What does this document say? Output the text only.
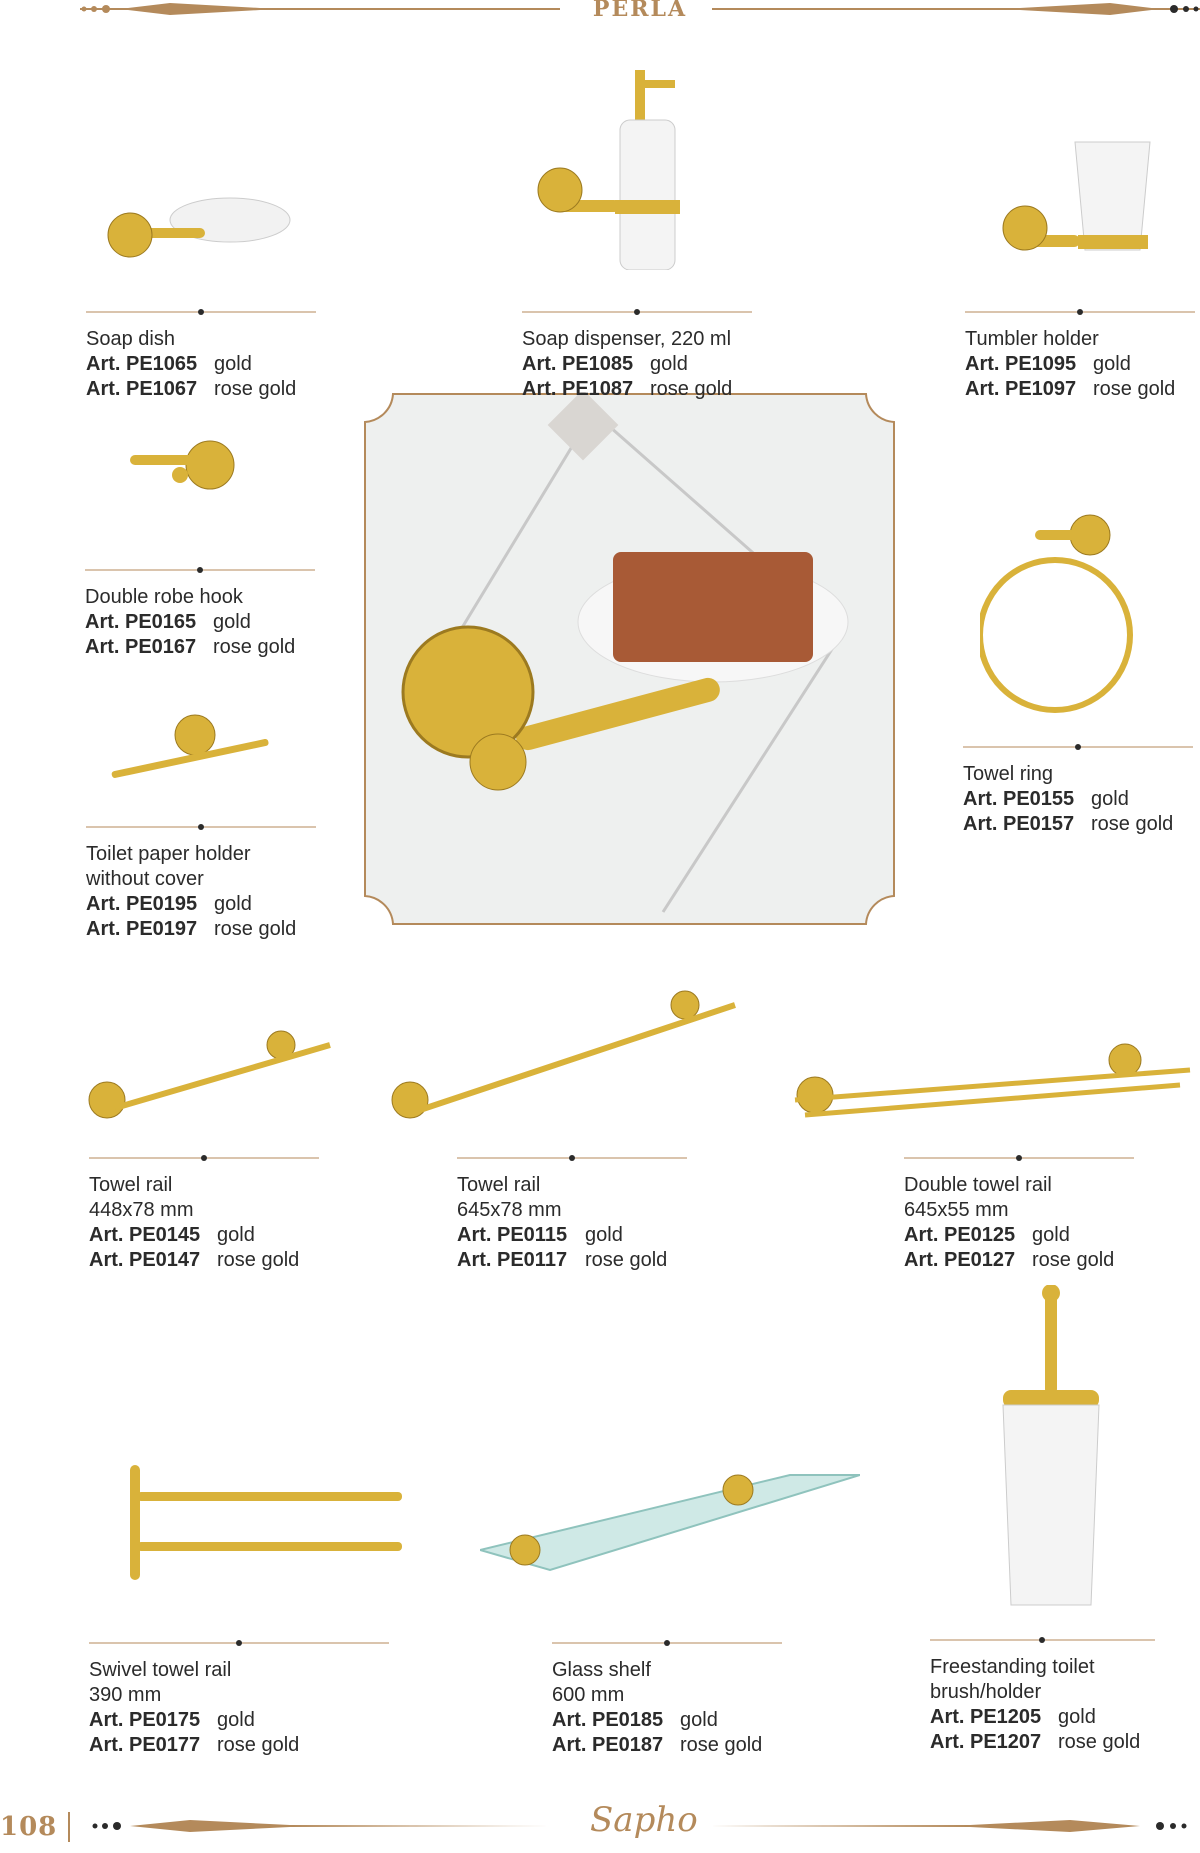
PERLA
Soap dispenser, 220 ml
Art. PE1085 gold
Art. PE1087 rose gold
Soap dish
Art. PE1065 gold
Art. PE1067 rose gold
Tumbler holder
Art. PE1095 gold
Art. PE1097 rose gold
Double robe hook
Art. PE0165 gold
Art. PE0167 rose gold
Toilet paper holder
without cover
Art. PE0195 gold
Art. PE0197 rose gold
Towel ring
Art. PE0155 gold
Art. PE0157 rose gold
Towel rail
448x78 mm
Art. PE0145 gold
Art. PE0147 rose gold
Towel rail
645x78 mm
Art. PE0115 gold
Art. PE0117 rose gold
Double towel rail
645x55 mm
Art. PE0125 gold
Art. PE0127 rose gold
Swivel towel rail
390 mm
Art. PE0175 gold
Art. PE0177 rose gold
Glass shelf
600 mm
Art. PE0185 gold
Art. PE0187 rose gold
Freestanding toilet
brush/holder
Art. PE1205 gold
Art. PE1207 rose gold
108	Sapho
